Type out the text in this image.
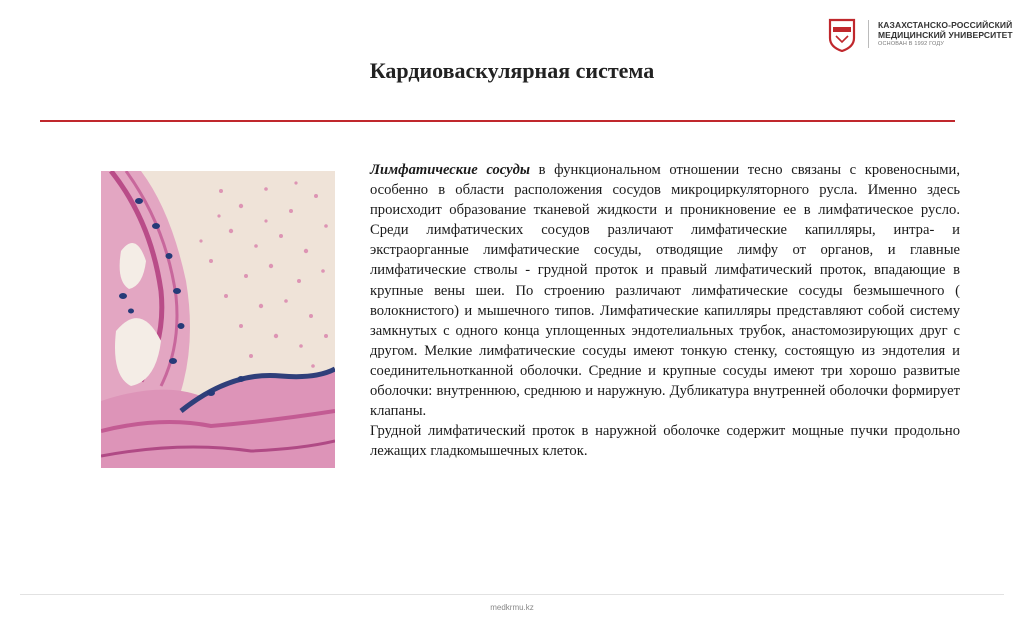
КАЗАХСТАНСКО-РОССИЙСКИЙ
МЕДИЦИНСКИЙ УНИВЕРСИТЕТ
ОСНОВАН В 1992 ГОДУ
Кардиоваскулярная система

Лимфатические сосуды в функциональном отношении тесно связаны с кровеносными, особенно в области расположения сосудов микроциркуляторного русла. Именно здесь происходит образование тканевой жидкости и проникновение ее в лимфатическое русло. Среди лимфатических сосудов различают лимфатические капилляры, интра- и экстраорганные лимфатические сосуды, отводящие лимфу от органов, и главные лимфатические стволы - грудной проток и правый лимфатический проток, впадающие в крупные вены шеи. По строению различают лимфатические сосуды безмышечного ( волокнистого) и мышечного типов. Лимфатические капилляры представляют собой систему замкнутых с одного конца уплощенных эндотелиальных трубок, анастомозирующих друг с другом. Мелкие лимфатические сосуды имеют тонкую стенку, состоящую из эндотелия и соединительнотканной оболочки. Средние и крупные сосуды имеют три хорошо развитые оболочки: внутреннюю, среднюю и наружную. Дубликатура внутренней оболочки формирует клапаны.

Грудной лимфатический проток в наружной оболочке содержит мощные пучки продольно лежащих гладкомышечных клеток.

medkrmu.kz
